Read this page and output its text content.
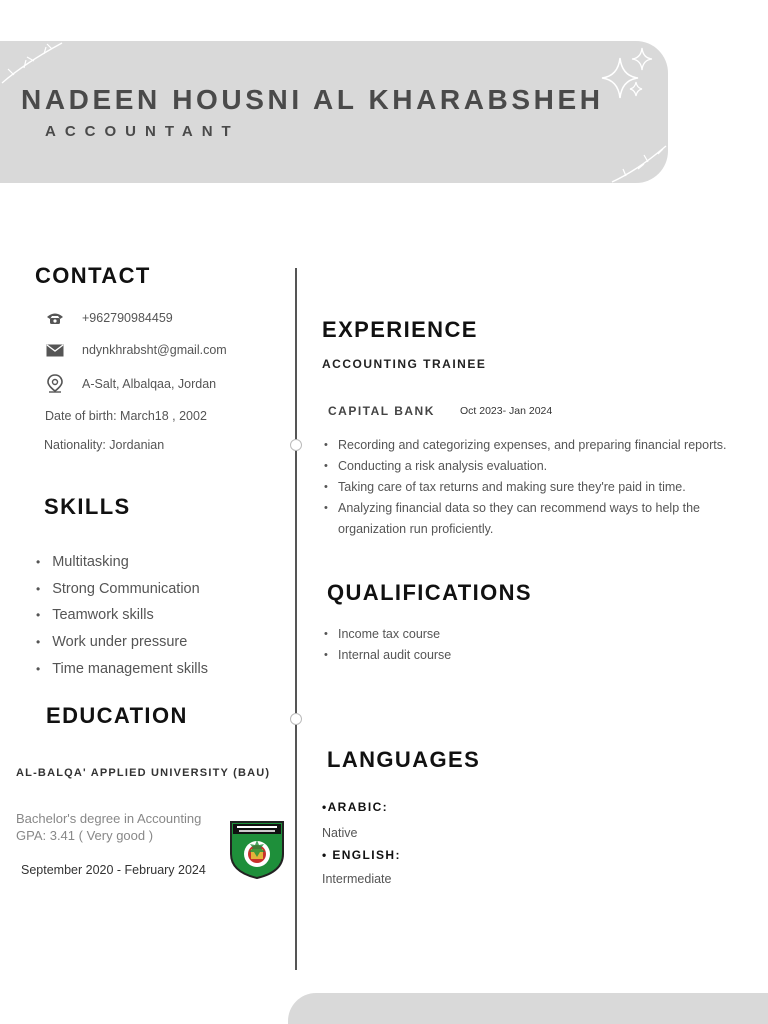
NADEEN HOUSNI AL KHARABSHEH
ACCOUNTANT
CONTACT
+962790984459
ndynkhrabsht@gmail.com
A-Salt, Albalqaa, Jordan
Date of birth: March18 , 2002
Nationality: Jordanian
SKILLS
• Multitasking
• Strong Communication
• Teamwork skills
• Work under pressure
• Time management skills
EDUCATION
AL-BALQA' APPLIED UNIVERSITY (BAU)
Bachelor's degree in Accounting
GPA: 3.41 ( Very good )
September 2020 - February 2024
EXPERIENCE
ACCOUNTING TRAINEE
CAPITAL BANK Oct 2023- Jan 2024
• Recording and categorizing expenses, and preparing financial reports.
• Conducting a risk analysis evaluation.
• Taking care of tax returns and making sure they're paid in time.
• Analyzing financial data so they can recommend ways to help the organization run proficiently.
QUALIFICATIONS
• Income tax course
• Internal audit course
LANGUAGES
•ARABIC:
Native
• ENGLISH:
Intermediate
